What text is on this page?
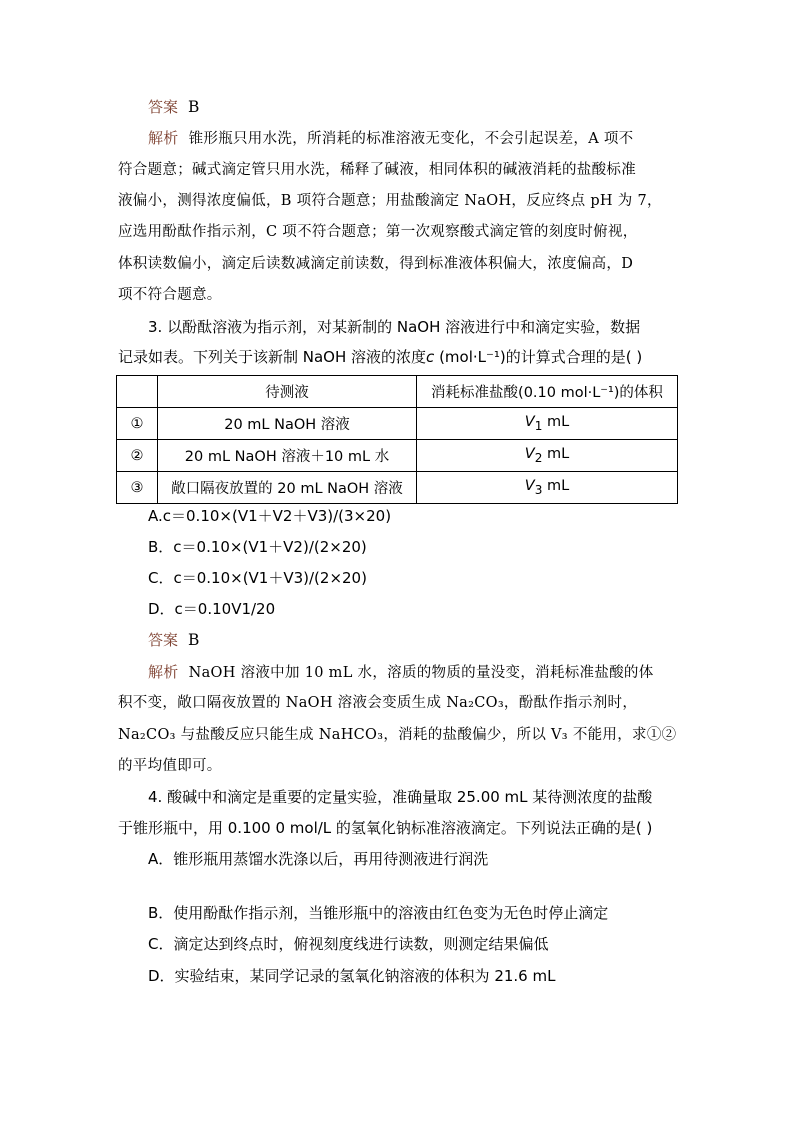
答案 B
解析 锥形瓶只用水洗，所消耗的标准溶液无变化，不会引起误差，A 项不
符合题意；碱式滴定管只用水洗，稀释了碱液，相同体积的碱液消耗的盐酸标准
液偏小，测得浓度偏低，B 项符合题意；用盐酸滴定 NaOH，反应终点 pH 为 7，
应选用酚酞作指示剂，C 项不符合题意；第一次观察酸式滴定管的刻度时俯视，
体积读数偏小，滴定后读数减滴定前读数，得到标准液体积偏大，浓度偏高，D
项不符合题意。
3. 以酚酞溶液为指示剂，对某新制的 NaOH 溶液进行中和滴定实验，数据
记录如表。下列关于该新制 NaOH 溶液的浓度c (mol·L⁻¹)的计算式合理的是( )
	待测液	消耗标准盐酸(0.10 mol·L⁻¹)的体积
①	20 mL NaOH 溶液	$V_1$ mL
②	20 mL NaOH 溶液＋10 mL 水	$V_2$ mL
③	敞口隔夜放置的 20 mL NaOH 溶液	$V_3$ mL
A.c＝0.10×(V1＋V2＋V3)/(3×20)
B．c＝0.10×(V1＋V2)/(2×20)
C．c＝0.10×(V1＋V3)/(2×20)
D．c＝0.10V1/20
答案 B
解析 NaOH 溶液中加 10 mL 水，溶质的物质的量没变，消耗标准盐酸的体
积不变，敞口隔夜放置的 NaOH 溶液会变质生成 Na₂CO₃，酚酞作指示剂时，
Na₂CO₃ 与盐酸反应只能生成 NaHCO₃，消耗的盐酸偏少，所以 V₃ 不能用，求①②
的平均值即可。
4. 酸碱中和滴定是重要的定量实验，准确量取 25.00 mL 某待测浓度的盐酸
于锥形瓶中，用 0.100 0 mol/L 的氢氧化钠标准溶液滴定。下列说法正确的是( )
A．锥形瓶用蒸馏水洗涤以后，再用待测液进行润洗
B．使用酚酞作指示剂，当锥形瓶中的溶液由红色变为无色时停止滴定
C．滴定达到终点时，俯视刻度线进行读数，则测定结果偏低
D．实验结束，某同学记录的氢氧化钠溶液的体积为 21.6 mL
